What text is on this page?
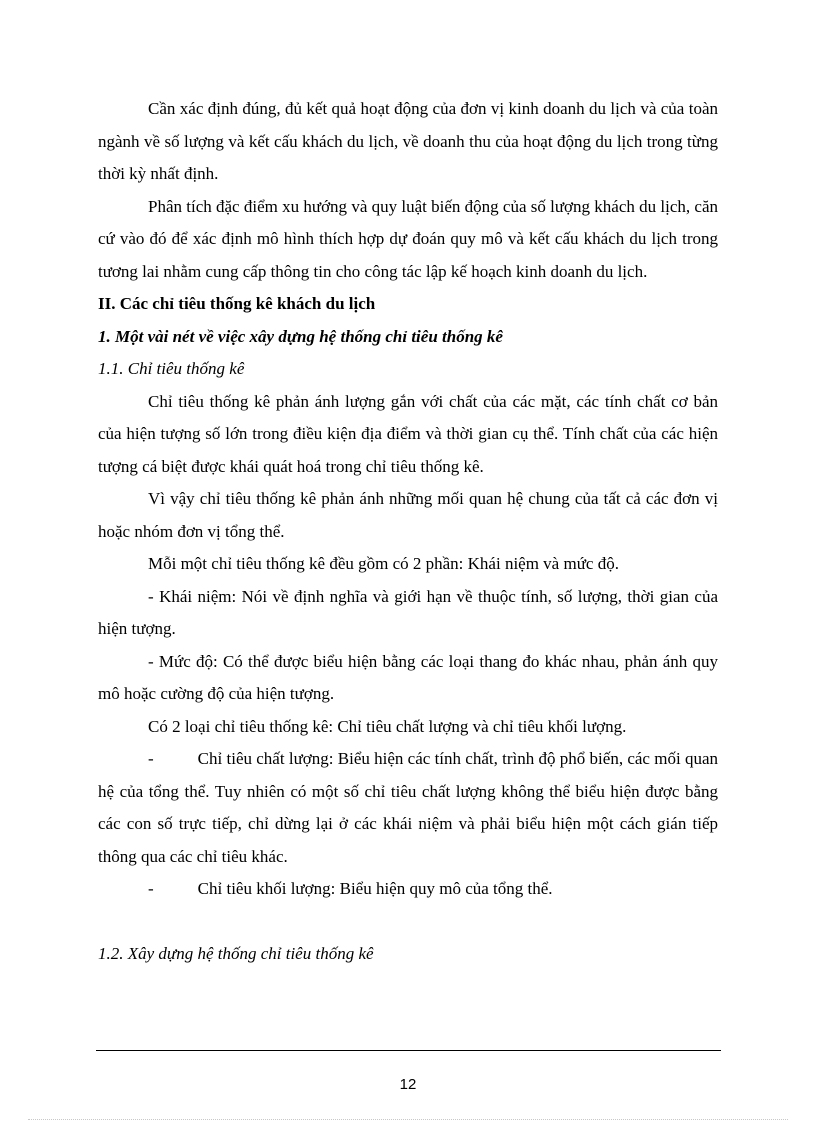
Cần xác định đúng, đủ kết quả hoạt động của đơn vị kinh doanh du lịch và của toàn ngành về số lượng và kết cấu khách du lịch, về doanh thu của hoạt động du lịch trong từng thời kỳ nhất định.

Phân tích đặc điểm xu hướng và quy luật biến động của số lượng khách du lịch, căn cứ vào đó để xác định mô hình thích hợp dự đoán quy mô và kết cấu khách du lịch trong tương lai nhằm cung cấp thông tin cho công tác lập kế hoạch kinh doanh du lịch.

II. Các chỉ tiêu thống kê khách du lịch

1. Một vài nét về việc xây dựng hệ thống chỉ tiêu thống kê

1.1. Chỉ tiêu thống kê

Chỉ tiêu thống kê phản ánh lượng gắn với chất của các mặt, các tính chất cơ bản của hiện tượng số lớn trong điều kiện địa điểm và thời gian cụ thể. Tính chất của các hiện tượng cá biệt được khái quát hoá trong chỉ tiêu thống kê.

Vì vậy chỉ tiêu thống kê phản ánh những mối quan hệ chung của tất cả các đơn vị hoặc nhóm đơn vị tổng thể.

Mỗi một chỉ tiêu thống kê đều gồm có 2 phần: Khái niệm và mức độ.

- Khái niệm: Nói về định nghĩa và giới hạn về thuộc tính, số lượng, thời gian của hiện tượng.

- Mức độ: Có thể được biểu hiện bằng các loại thang đo khác nhau, phản ánh quy mô hoặc cường độ của hiện tượng.

Có 2 loại chỉ tiêu thống kê: Chỉ tiêu chất lượng và chỉ tiêu khối lượng.

-	Chỉ tiêu chất lượng: Biểu hiện các tính chất, trình độ phổ biến, các mối quan hệ của tổng thể. Tuy nhiên có một số chỉ tiêu chất lượng không thể biểu hiện được bằng các con số trực tiếp, chỉ dừng lại ở các khái niệm và phải biểu hiện một cách gián tiếp thông qua các chỉ tiêu khác.

-	Chỉ tiêu khối lượng: Biểu hiện quy mô của tổng thể.

1.2. Xây dựng hệ thống chỉ tiêu thống kê

12
